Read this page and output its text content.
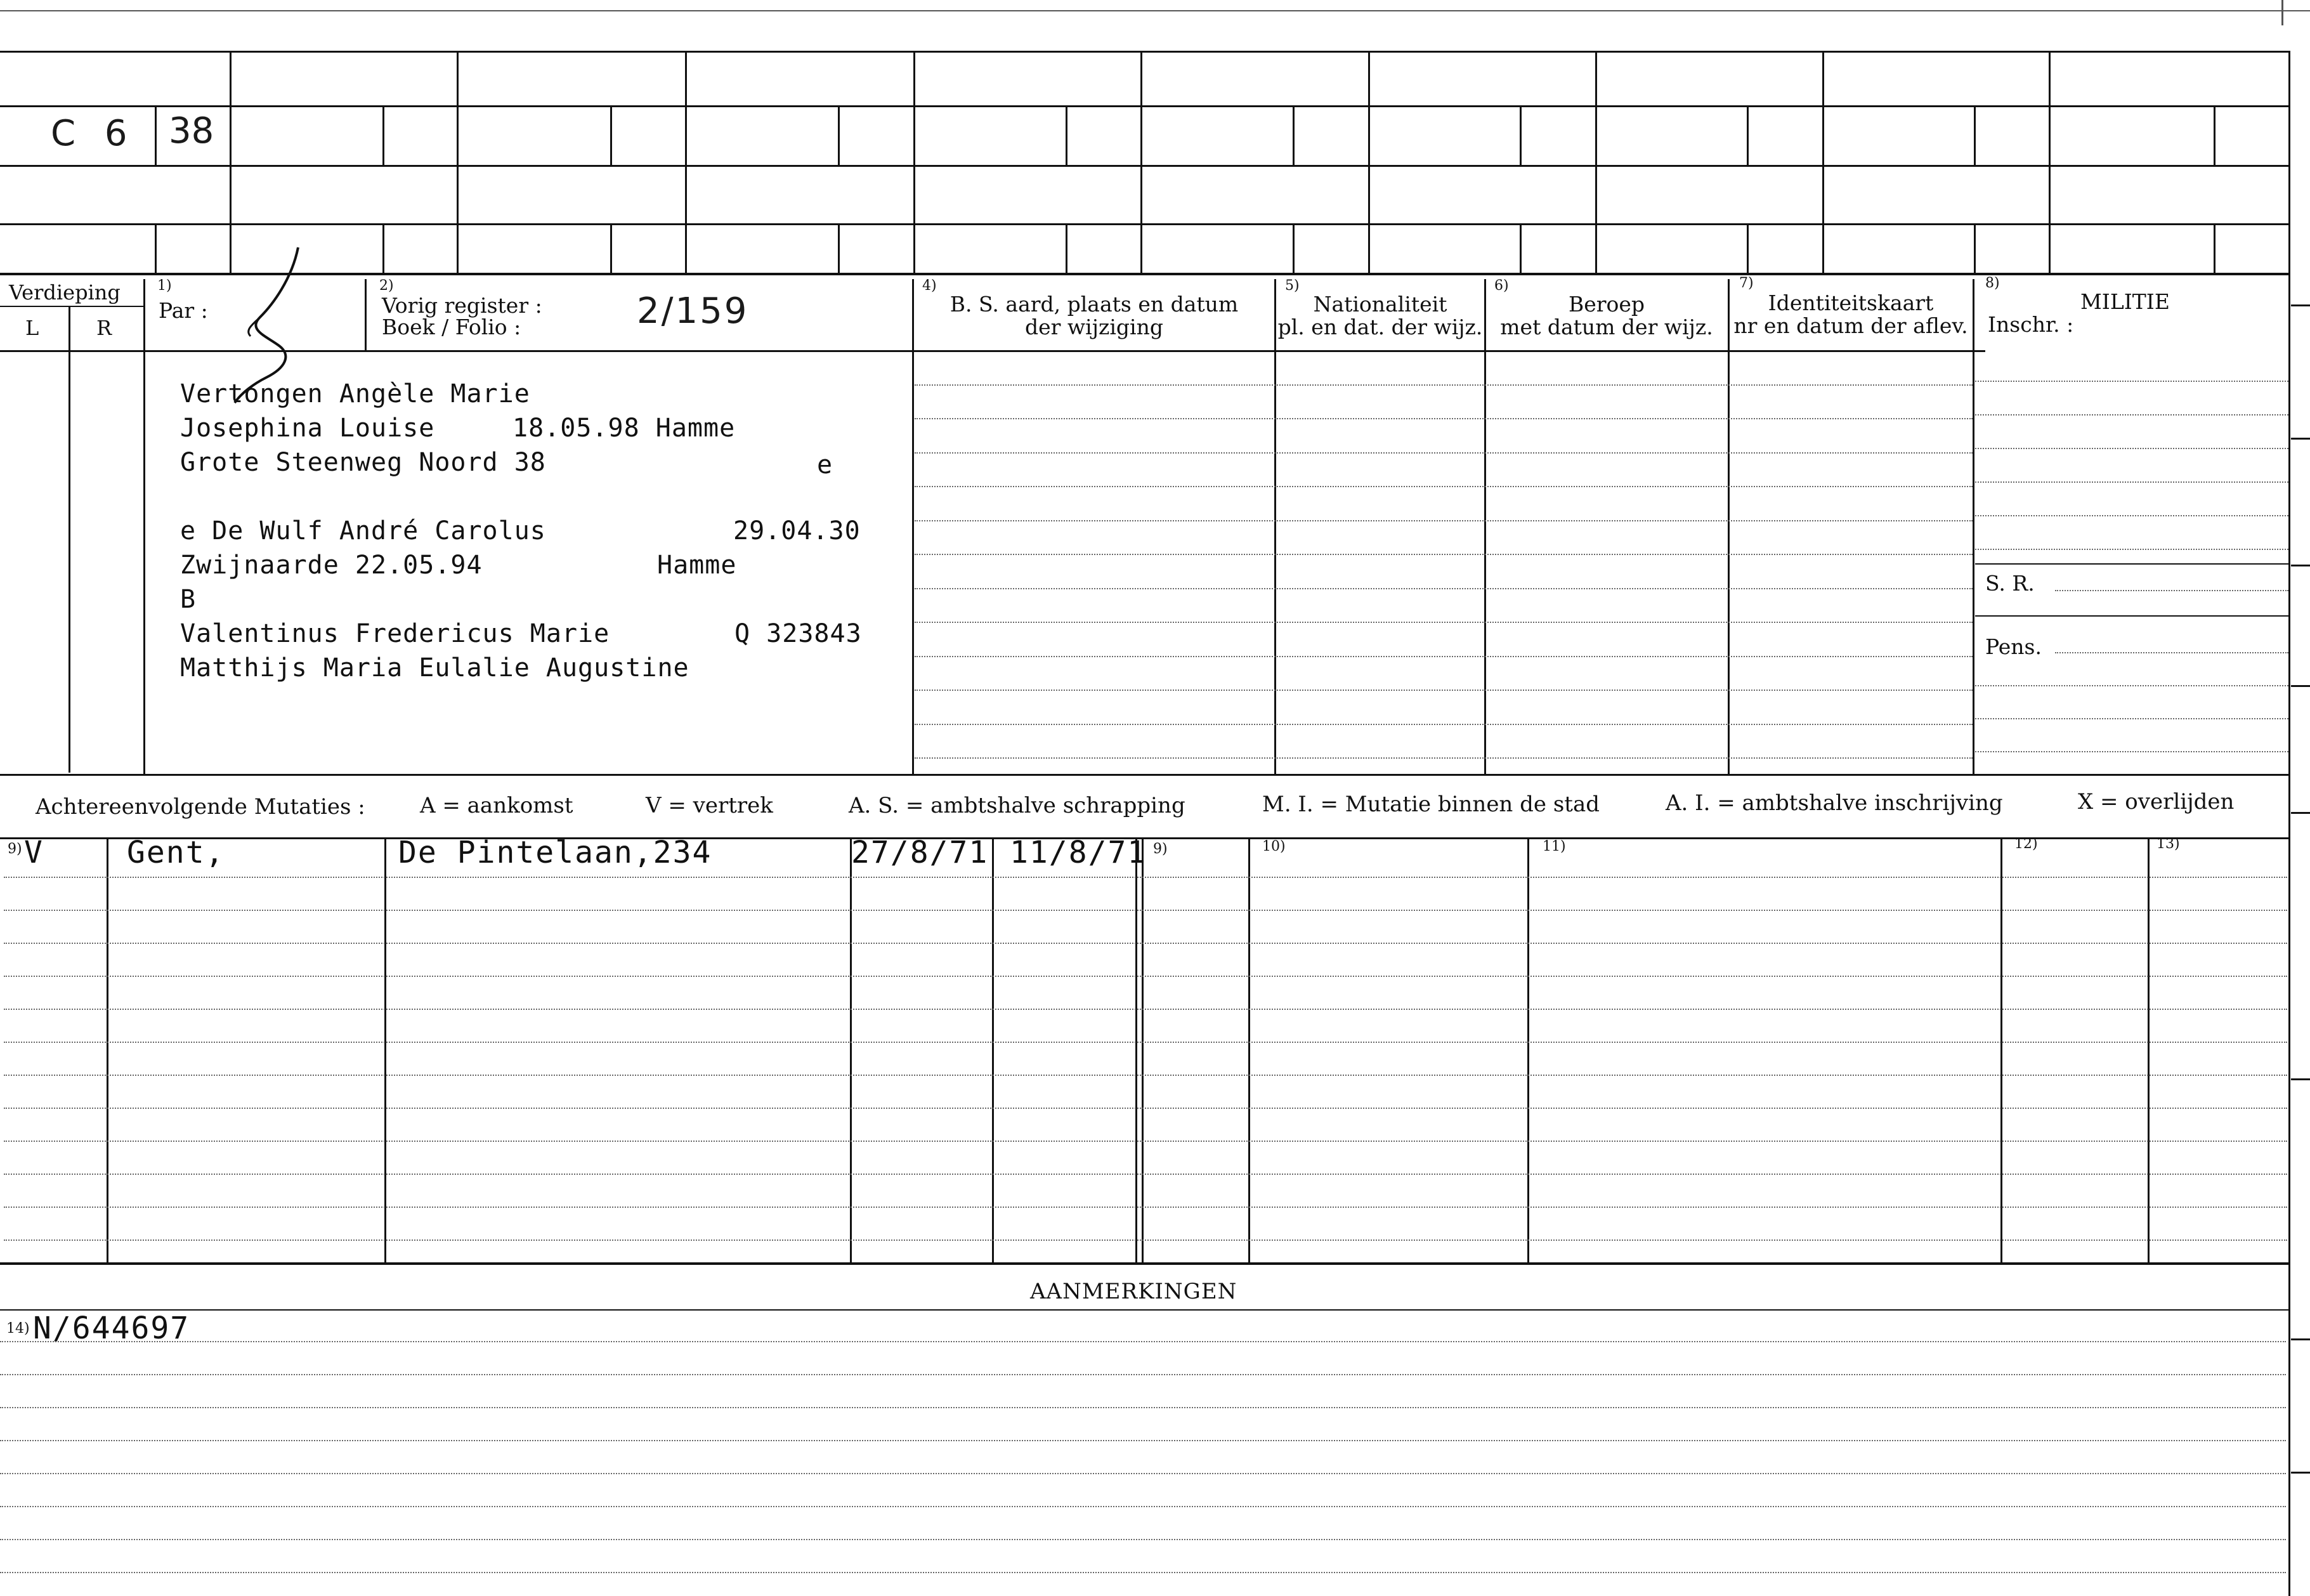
C 6 38
Verdieping
L	R
1)
Par :
2)
Vorig register :
Boek / Folio :	2/159
4)
B. S. aard, plaats en datum
der wijziging
5)
Nationaliteit
pl. en dat. der wijz.
6)
Beroep
met datum der wijz.
7)
Identiteitskaart
nr en datum der aflev.
8)
MILITIE
Inschr. :
Vertongen Angèle Marie
Josephina Louise	18.05.98 Hamme
Grote Steenweg Noord 38	e
e De Wulf André Carolus	29.04.30
Zwijnaarde 22.05.94	Hamme
B
Valentinus Fredericus Marie	Q 323843
Matthijs Maria Eulalie Augustine
S. R.
Pens.
Achtereenvolgende Mutaties :	A = aankomst	V = vertrek	A. S. = ambtshalve schrapping	M. I. = Mutatie binnen de stad	A. I. = ambtshalve inschrijving	X = overlijden
9) V	Gent,	De Pintelaan,234	27/8/71 11/8/71 9)	10)	11)	12)	13)
AANMERKINGEN
14) N/644697
